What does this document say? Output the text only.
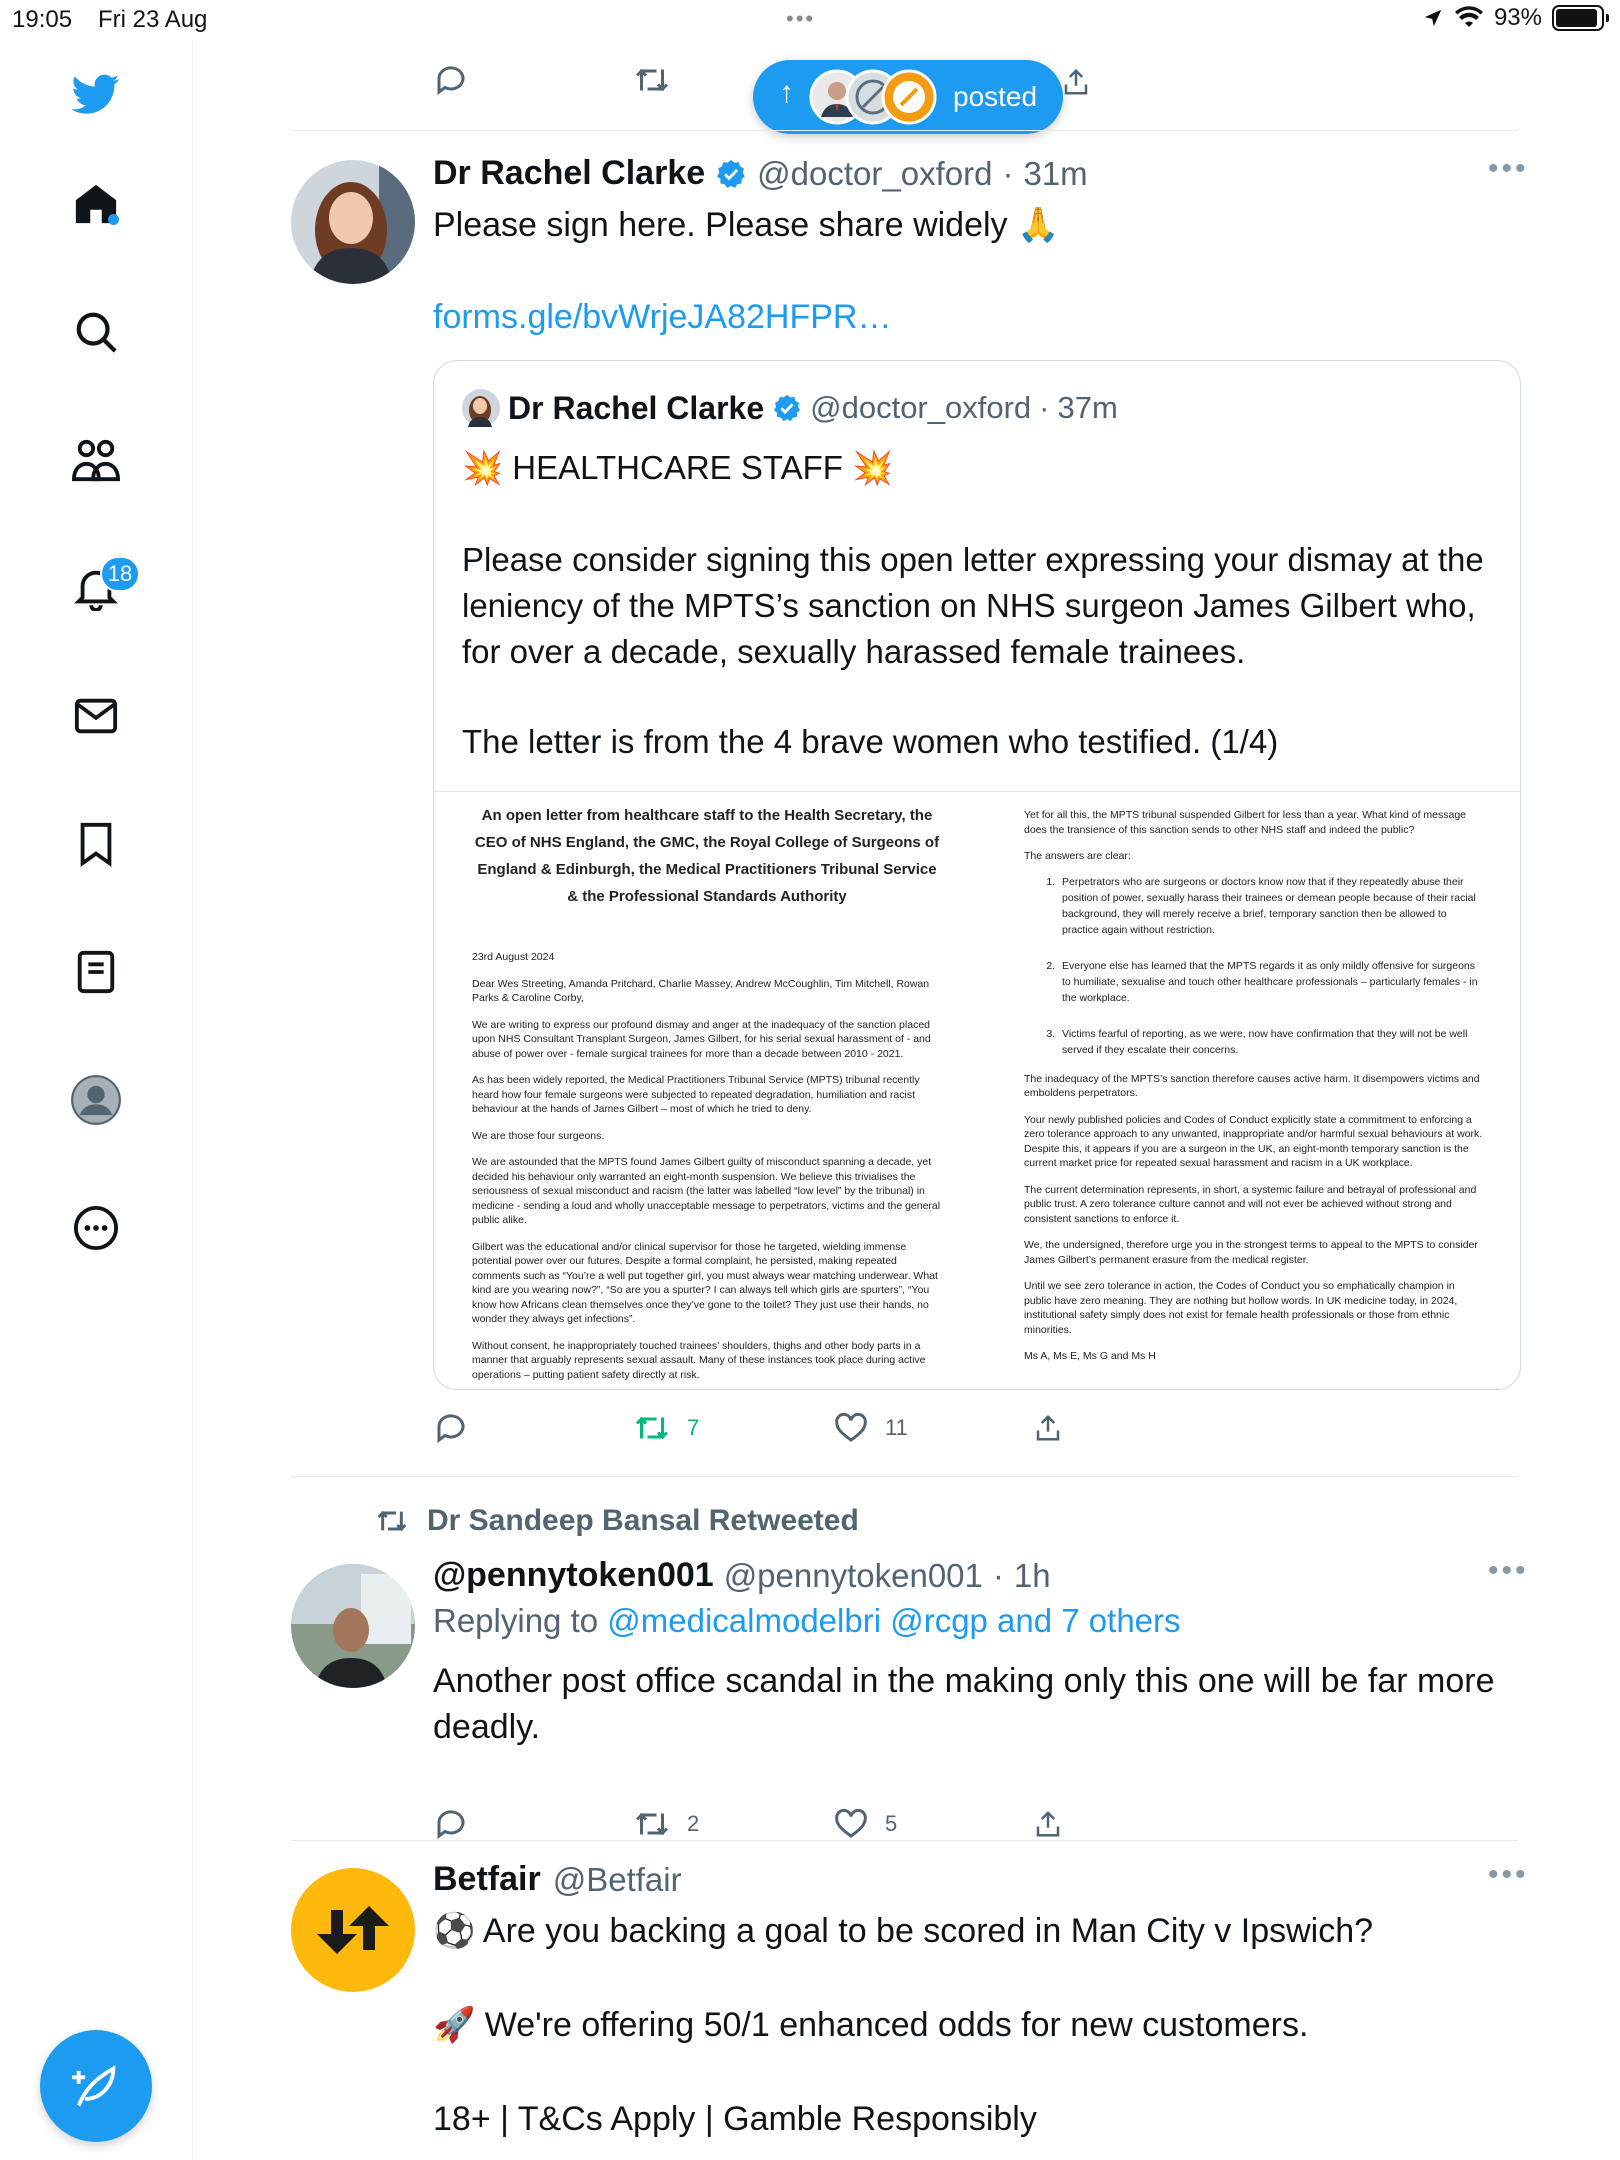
19:05 Fri 23 Aug	•••	93%
18
↑	posted
Dr Rachel Clarke @doctor_oxford · 31m	•••
Please sign here. Please share widely 🙏
forms.gle/bvWrjeJA82HFPR…
Dr Rachel Clarke @doctor_oxford · 37m
💥 HEALTHCARE STAFF 💥
Please consider signing this open letter expressing your dismay at the leniency of the MPTS’s sanction on NHS surgeon James Gilbert who, for over a decade, sexually harassed female trainees.
The letter is from the 4 brave women who testified. (1/4)
An open letter from healthcare staff to the Health Secretary, the CEO of NHS England, the GMC, the Royal College of Surgeons of England & Edinburgh, the Medical Practitioners Tribunal Service & the Professional Standards Authority

23rd August 2024

Dear Wes Streeting, Amanda Pritchard, Charlie Massey, Andrew McCoughlin, Tim Mitchell, Rowan Parks & Caroline Corby,

We are writing to express our profound dismay and anger at the inadequacy of the sanction placed upon NHS Consultant Transplant Surgeon, James Gilbert, for his serial sexual harassment of - and abuse of power over - female surgical trainees for more than a decade between 2010 - 2021.

As has been widely reported, the Medical Practitioners Tribunal Service (MPTS) tribunal recently heard how four female surgeons were subjected to repeated degradation, humiliation and racist behaviour at the hands of James Gilbert – most of which he tried to deny.

We are those four surgeons.

We are astounded that the MPTS found James Gilbert guilty of misconduct spanning a decade, yet decided his behaviour only warranted an eight-month suspension. We believe this trivialises the seriousness of sexual misconduct and racism (the latter was labelled “low level” by the tribunal) in medicine - sending a loud and wholly unacceptable message to perpetrators, victims and the general public alike.

Gilbert was the educational and/or clinical supervisor for those he targeted, wielding immense potential power over our futures. Despite a formal complaint, he persisted, making repeated comments such as “You’re a well put together girl, you must always wear matching underwear. What kind are you wearing now?”, “So are you a spurter? I can always tell which girls are spurters”, “You know how Africans clean themselves once they’ve gone to the toilet? They just use their hands, no wonder they always get infections”.

Without consent, he inappropriately touched trainees’ shoulders, thighs and other body parts in a manner that arguably represents sexual assault. Many of these instances took place during active operations – putting patient safety directly at risk.

Yet for all this, the MPTS tribunal suspended Gilbert for less than a year. What kind of message does the transience of this sanction sends to other NHS staff and indeed the public?

The answers are clear:

1. Perpetrators who are surgeons or doctors know now that if they repeatedly abuse their position of power, sexually harass their trainees or demean people because of their racial background, they will merely receive a brief, temporary sanction then be allowed to practice again without restriction.
2. Everyone else has learned that the MPTS regards it as only mildly offensive for surgeons to humiliate, sexualise and touch other healthcare professionals – particularly females - in the workplace.
3. Victims fearful of reporting, as we were, now have confirmation that they will not be well served if they escalate their concerns.

The inadequacy of the MPTS’s sanction therefore causes active harm. It disempowers victims and emboldens perpetrators.

Your newly published policies and Codes of Conduct explicitly state a commitment to enforcing a zero tolerance approach to any unwanted, inappropriate and/or harmful sexual behaviours at work. Despite this, it appears if you are a surgeon in the UK, an eight-month temporary sanction is the current market price for repeated sexual harassment and racism in a UK workplace.

The current determination represents, in short, a systemic failure and betrayal of professional and public trust. A zero tolerance culture cannot and will not ever be achieved without strong and consistent sanctions to enforce it.

We, the undersigned, therefore urge you in the strongest terms to appeal to the MPTS to consider James Gilbert’s permanent erasure from the medical register.

Until we see zero tolerance in action, the Codes of Conduct you so emphatically champion in public have zero meaning. They are nothing but hollow words. In UK medicine today, in 2024, institutional safety simply does not exist for female health professionals or those from ethnic minorities.

Ms A, Ms E, Ms G and Ms H

7	11
Dr Sandeep Bansal Retweeted
@pennytoken001 @pennytoken001 · 1h	•••
Replying to @medicalmodelbri @rcgp and 7 others
Another post office scandal in the making only this one will be far more deadly.
2	5
Betfair @Betfair	•••
⚽ Are you backing a goal to be scored in Man City v Ipswich?
🚀 We're offering 50/1 enhanced odds for new customers.
18+ | T&Cs Apply | Gamble Responsibly
